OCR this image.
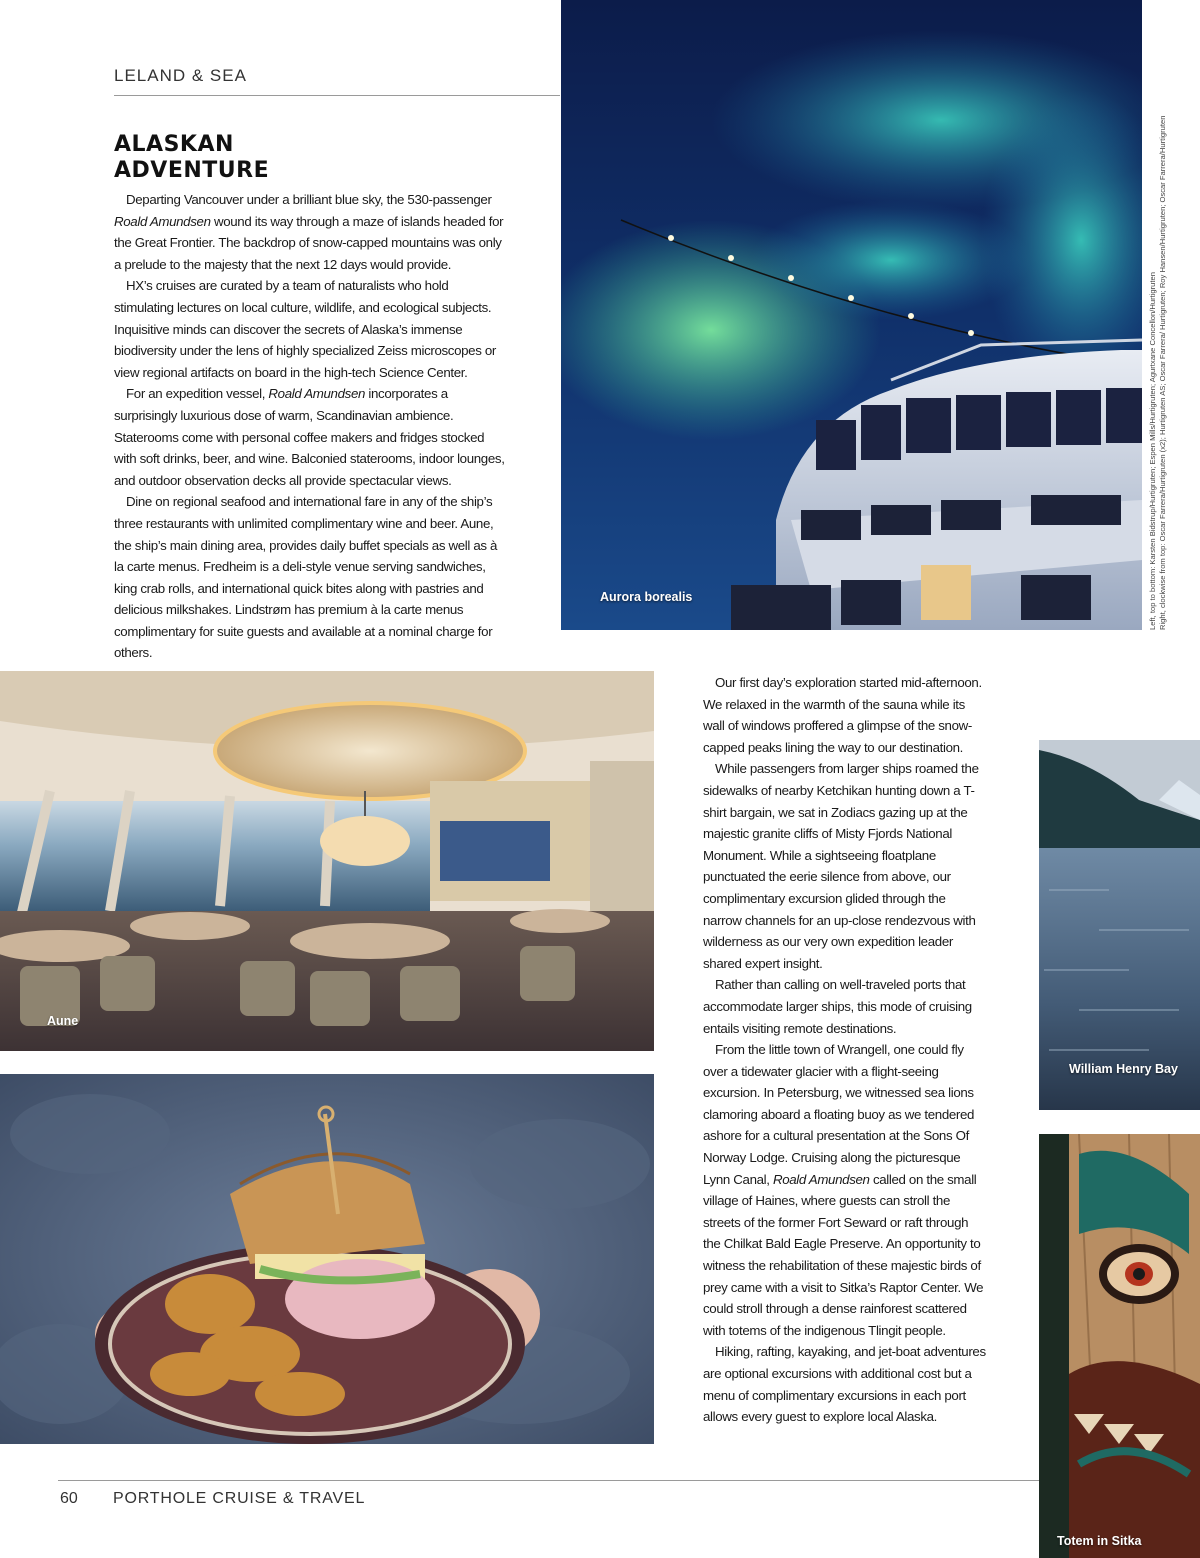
LELAND & SEA
ALASKAN
ADVENTURE

Departing Vancouver under a brilliant blue sky, the 530-passenger Roald Amundsen wound its way through a maze of islands headed for the Great Frontier. The backdrop of snow-capped mountains was only a prelude to the majesty that the next 12 days would provide.

HX’s cruises are curated by a team of naturalists who hold stimulating lectures on local culture, wildlife, and ecological subjects. Inquisitive minds can discover the secrets of Alaska’s immense biodiversity under the lens of highly specialized Zeiss microscopes or view regional artifacts on board in the high-tech Science Center.

For an expedition vessel, Roald Amundsen incorporates a surprisingly luxurious dose of warm, Scandinavian ambience. Staterooms come with personal coffee makers and fridges stocked with soft drinks, beer, and wine. Balconied staterooms, indoor lounges, and outdoor observation decks all provide spectacular views.

Dine on regional seafood and international fare in any of the ship’s three restaurants with unlimited complimentary wine and beer. Aune, the ship’s main dining area, provides daily buffet specials as well as à la carte menus. Fredheim is a deli-style venue serving sandwiches, king crab rolls, and international quick bites along with pastries and delicious milkshakes. Lindstrøm has premium à la carte menus complimentary for suite guests and available at a nominal charge for others.

Aurora borealis	Left, top to bottom: Karsten Bidstrup/Hurtigruten; Espen Mills/Hurtigruten; Agurtxane Concellon/Hurtigruten Right, clockwise from top: Oscar Farrera/Hurtigruten (x2); Hurtigruten AS; Oscar Farrera/ Hurtigruten; Roy Hansen/Hurtigruten; Oscar Farrera/Hurtigruten
Aune

Our first day’s exploration started mid-afternoon. We relaxed in the warmth of the sauna while its wall of windows proffered a glimpse of the snow-capped peaks lining the way to our destination.

While passengers from larger ships roamed the sidewalks of nearby Ketchikan hunting down a T-shirt bargain, we sat in Zodiacs gazing up at the majestic granite cliffs of Misty Fjords National Monument. While a sightseeing floatplane punctuated the eerie silence from above, our complimentary excursion glided through the narrow channels for an up-close rendezvous with wilderness as our very own expedition leader shared expert insight.

Rather than calling on well-traveled ports that accommodate larger ships, this mode of cruising entails visiting remote destinations.

From the little town of Wrangell, one could fly over a tidewater glacier with a flight-seeing excursion. In Petersburg, we witnessed sea lions clamoring aboard a floating buoy as we tendered ashore for a cultural presentation at the Sons Of Norway Lodge. Cruising along the picturesque Lynn Canal, Roald Amundsen called on the small village of Haines, where guests can stroll the streets of the former Fort Seward or raft through the Chilkat Bald Eagle Preserve. An opportunity to witness the rehabilitation of these majestic birds of prey came with a visit to Sitka’s Raptor Center. We could stroll through a dense rainforest scattered with totems of the indigenous Tlingit people.

Hiking, rafting, kayaking, and jet-boat adventures are optional excursions with additional cost but a menu of complimentary excursions in each port allows every guest to explore local Alaska.

William Henry Bay
Totem in Sitka
60 PORTHOLE CRUISE & TRAVEL
